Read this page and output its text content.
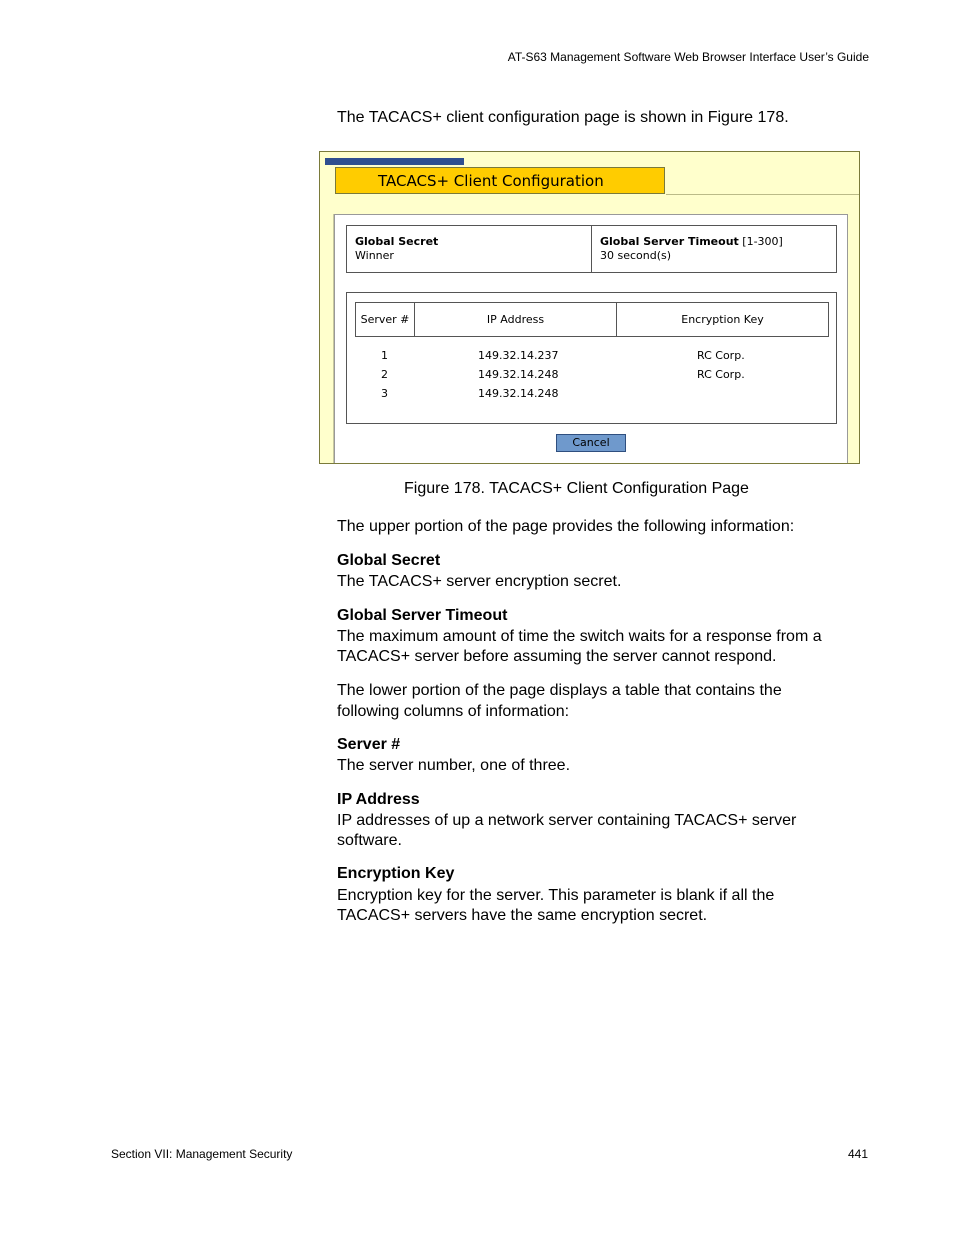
AT-S63 Management Software Web Browser Interface User’s Guide
The TACACS+ client configuration page is shown in Figure 178.
TACACS+ Client Configuration
Global Secret
Winner
Global Server Timeout [1-300]
30 second(s)
Server #	IP Address	Encryption Key
1	149.32.14.237	RC Corp.
2	149.32.14.248	RC Corp.
3	149.32.14.248
Cancel
Figure 178. TACACS+ Client Configuration Page
The upper portion of the page provides the following information:
Global Secret
The TACACS+ server encryption secret.
Global Server Timeout
The maximum amount of time the switch waits for a response from a
TACACS+ server before assuming the server cannot respond.
The lower portion of the page displays a table that contains the
following columns of information:
Server #
The server number, one of three.
IP Address
IP addresses of up a network server containing TACACS+ server
software.
Encryption Key
Encryption key for the server. This parameter is blank if all the
TACACS+ servers have the same encryption secret.
Section VII: Management Security	441
